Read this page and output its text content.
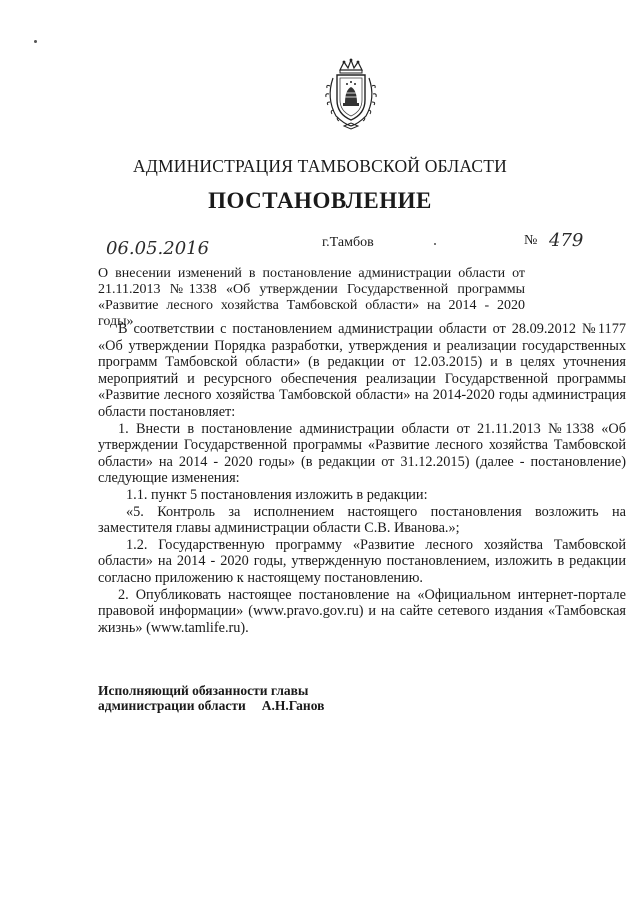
АДМИНИСТРАЦИЯ ТАМБОВСКОЙ ОБЛАСТИ
ПОСТАНОВЛЕНИЕ
06.05.2016	г.Тамбов	№ 479
О внесении изменений в постановление администрации области от 21.11.2013 №1338 «Об утверждении Государственной программы «Развитие лесного хозяйства Тамбовской области» на 2014 - 2020 годы»

В соответствии с постановлением администрации области от 28.09.2012 №1177 «Об утверждении Порядка разработки, утверждения и реализации государственных программ Тамбовской области» (в редакции от 12.03.2015) и в целях уточнения мероприятий и ресурсного обеспечения реализации Государственной программы «Развитие лесного хозяйства Тамбовской области» на 2014-2020 годы администрация области постановляет:

1. Внести в постановление администрации области от 21.11.2013 №1338 «Об утверждении Государственной программы «Развитие лесного хозяйства Тамбовской области» на 2014 - 2020 годы» (в редакции от 31.12.2015) (далее - постановление) следующие изменения:

1.1. пункт 5 постановления изложить в редакции:

«5. Контроль за исполнением настоящего постановления возложить на заместителя главы администрации области С.В. Иванова.»;

1.2. Государственную программу «Развитие лесного хозяйства Тамбовской области» на 2014 - 2020 годы, утвержденную постановлением, изложить в редакции согласно приложению к настоящему постановлению.

2. Опубликовать настоящее постановление на «Официальном интернет-портале правовой информации» (www.pravo.gov.ru) и на сайте сетевого издания «Тамбовская жизнь» (www.tamlife.ru).

Исполняющий обязанности главы
администрации области А.Н.Ганов
